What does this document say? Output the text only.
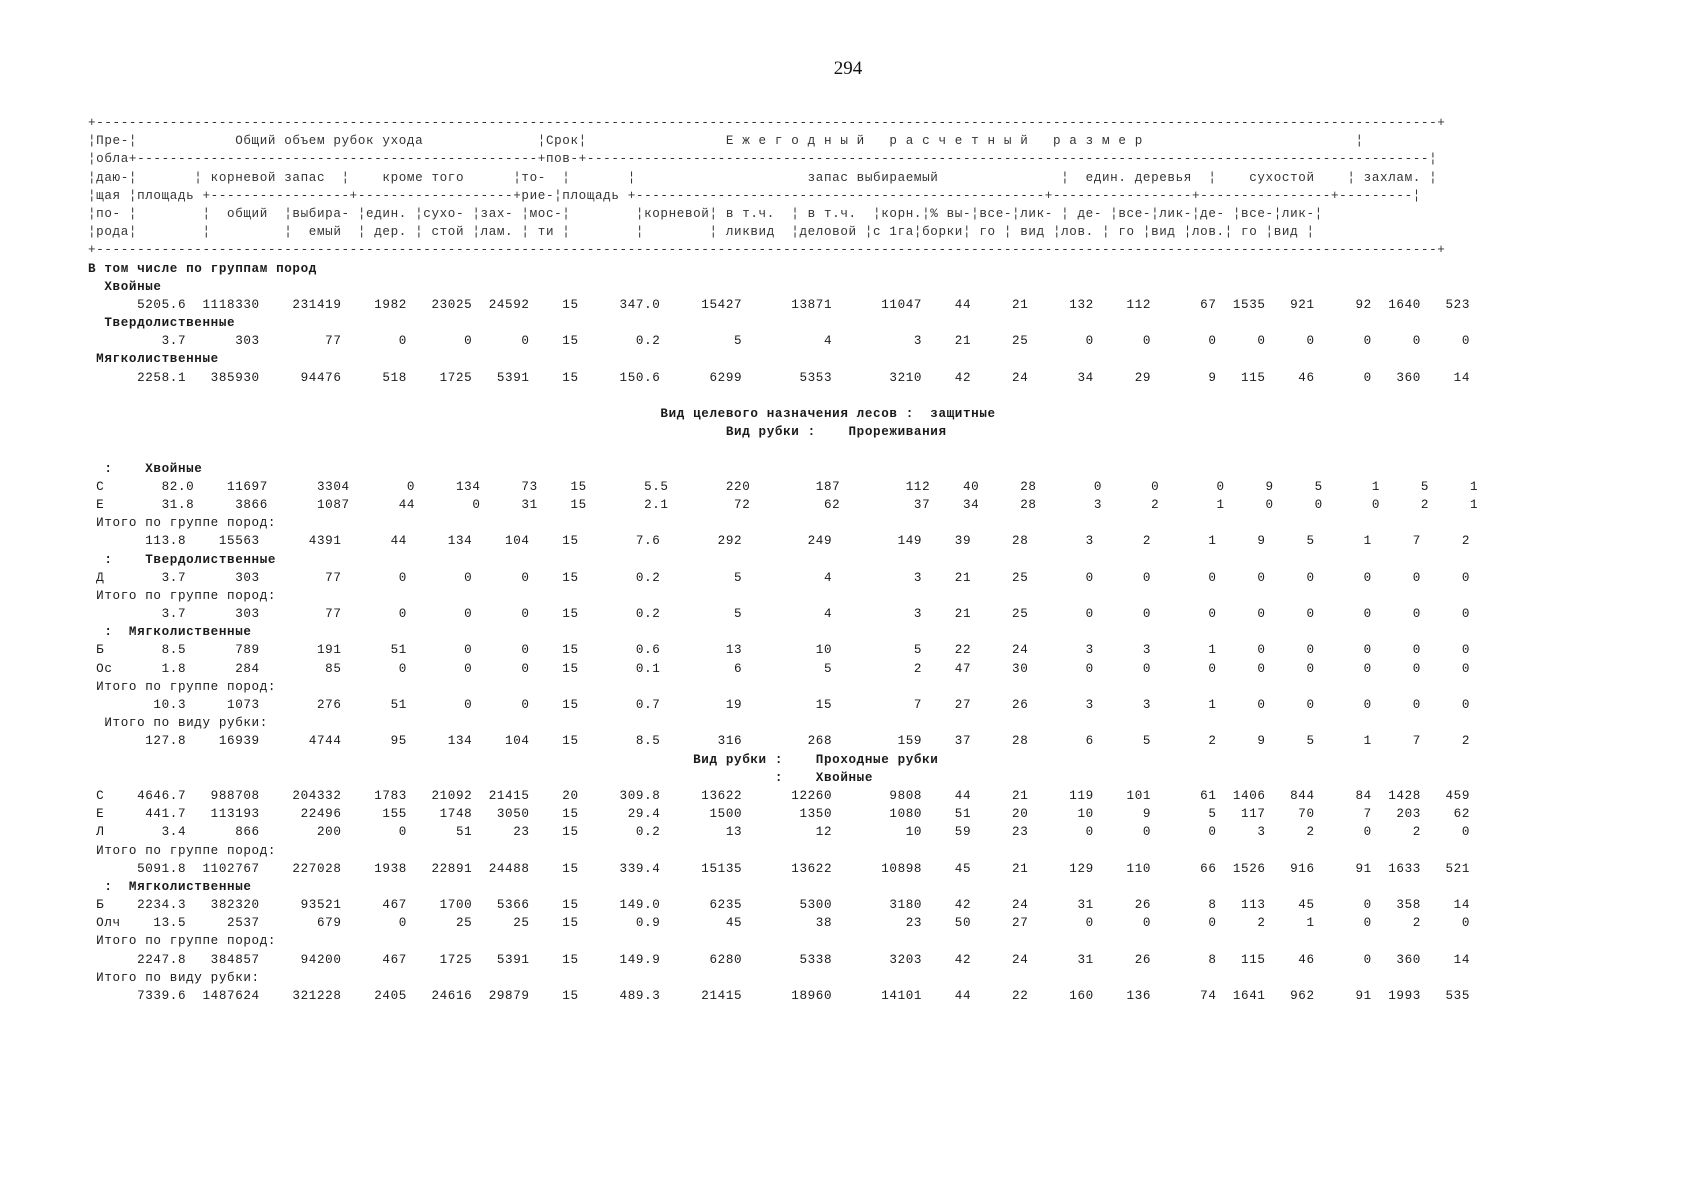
294
+--------------------------------------------------------------------------------------------------------------------------------------------------------------------+
¦Пре-¦            Общий объем рубок ухода              ¦Срок¦                 Е ж е г о д н ы й   р а с ч е т н ы й   р а з м е р                          ¦
¦обла+-------------------------------------------------+пов-+-------------------------------------------------------------------------------------------------------¦
¦даю-¦       ¦ корневой запас  ¦    кроме того      ¦то-  ¦       ¦                     запас выбираемый               ¦  един. деревья  ¦    сухостой    ¦ захлам. ¦
¦щая ¦площадь +-----------------+-------------------+рие-¦площадь +--------------------------------------------------+-----------------+----------------+---------¦
¦по- ¦        ¦  общий  ¦выбира- ¦един. ¦сухо- ¦зах- ¦мос-¦        ¦корневой¦ в т.ч.  ¦ в т.ч.  ¦корн.¦% вы-¦все-¦лик- ¦ де- ¦все-¦лик-¦де- ¦все-¦лик-¦
¦рода¦        ¦         ¦  емый  ¦ дер. ¦ стой ¦лам. ¦ ти ¦        ¦        ¦ ликвид  ¦деловой ¦с 1га¦борки¦ го ¦ вид ¦лов. ¦ го ¦вид ¦лов.¦ го ¦вид ¦
+--------------------------------------------------------------------------------------------------------------------------------------------------------------------+
В том числе по группам пород
Хвойные
5205.6  1118330    231419    1982   23025  24592    15     347.0     15427      13871      11047    44     21     132    112      67  1535   921     92  1640   523
Твердолиственные
3.7      303        77       0       0      0    15       0.2         5          4          3    21     25       0      0       0     0     0      0     0     0
Мягколиственные
2258.1   385930     94476     518    1725   5391    15     150.6      6299       5353       3210    42     24      34     29       9   115    46      0   360    14
Вид целевого назначения лесов :  защитные
Вид рубки :    Прореживания
:    Хвойные
С       82.0    11697      3304       0     134     73    15       5.5       220        187        112    40     28       0      0       0     9     5      1     5     1
Е       31.8     3866      1087      44       0     31    15       2.1        72         62         37    34     28       3      2       1     0     0      0     2     1
Итого по группе пород:
113.8    15563      4391      44     134    104    15       7.6       292        249        149    39     28       3      2       1     9     5      1     7     2
:    Твердолиственные
Д       3.7      303        77       0       0      0    15       0.2         5          4          3    21     25       0      0       0     0     0      0     0     0
Итого по группе пород:
3.7      303        77       0       0      0    15       0.2         5          4          3    21     25       0      0       0     0     0      0     0     0
:  Мягколиственные
Б       8.5      789       191      51       0      0    15       0.6        13         10          5    22     24       3      3       1     0     0      0     0     0
Ос      1.8      284        85       0       0      0    15       0.1         6          5          2    47     30       0      0       0     0     0      0     0     0
Итого по группе пород:
10.3     1073       276      51       0      0    15       0.7        19         15          7    27     26       3      3       1     0     0      0     0     0
Итого по виду рубки:
127.8    16939      4744      95     134    104    15       8.5       316        268        159    37     28       6      5       2     9     5      1     7     2
Вид рубки :    Проходные рубки
:    Хвойные
С    4646.7   988708    204332    1783   21092  21415    20     309.8     13622      12260       9808    44     21     119    101      61  1406   844     84  1428   459
Е     441.7   113193     22496     155    1748   3050    15      29.4      1500       1350       1080    51     20      10      9       5   117    70      7   203    62
Л       3.4      866       200       0      51     23    15       0.2        13         12         10    59     23       0      0       0     3     2      0     2     0
Итого по группе пород:
5091.8  1102767    227028    1938   22891  24488    15     339.4     15135      13622      10898    45     21     129    110      66  1526   916     91  1633   521
:  Мягколиственные
Б    2234.3   382320     93521     467    1700   5366    15     149.0      6235       5300       3180    42     24      31     26       8   113    45      0   358    14
Олч    13.5     2537       679       0      25     25    15       0.9        45         38         23    50     27       0      0       0     2     1      0     2     0
Итого по группе пород:
2247.8   384857     94200     467    1725   5391    15     149.9      6280       5338       3203    42     24      31     26       8   115    46      0   360    14
Итого по виду рубки:
7339.6  1487624    321228    2405   24616  29879    15     489.3     21415      18960      14101    44     22     160    136      74  1641   962     91  1993   535
